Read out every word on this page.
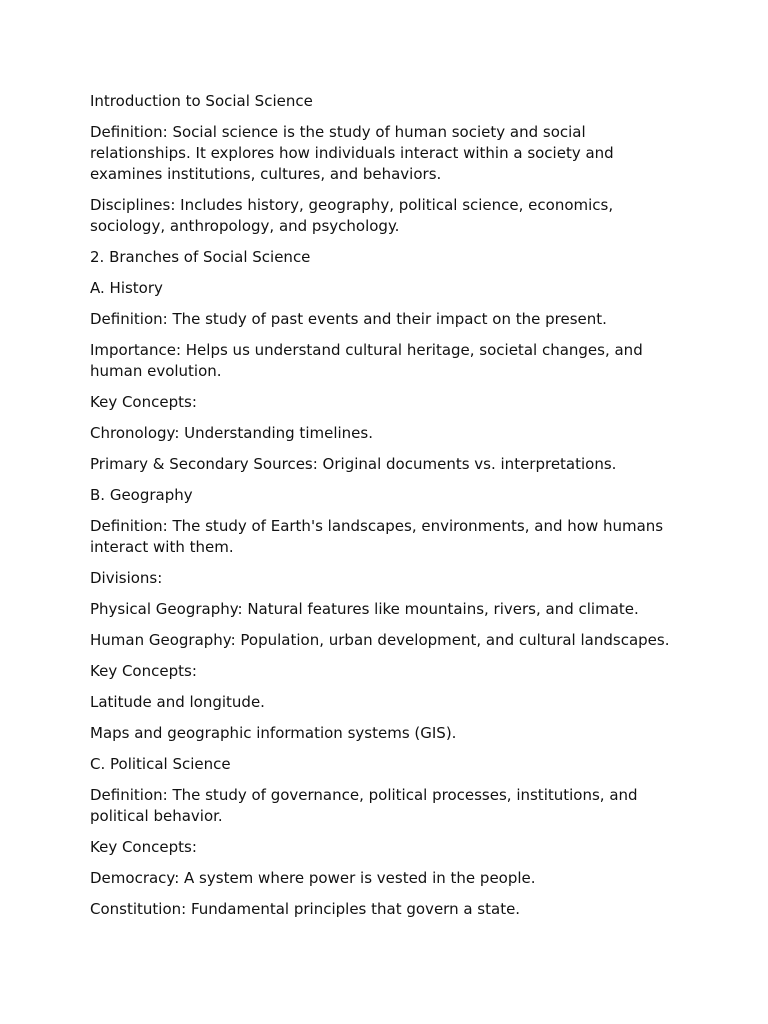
Introduction to Social Science

Definition: Social science is the study of human society and social relationships. It explores how individuals interact within a society and examines institutions, cultures, and behaviors.

Disciplines: Includes history, geography, political science, economics, sociology, anthropology, and psychology.

2. Branches of Social Science

A. History

Definition: The study of past events and their impact on the present.

Importance: Helps us understand cultural heritage, societal changes, and human evolution.

Key Concepts:

Chronology: Understanding timelines.

Primary & Secondary Sources: Original documents vs. interpretations.

B. Geography

Definition: The study of Earth's landscapes, environments, and how humans interact with them.

Divisions:

Physical Geography: Natural features like mountains, rivers, and climate.

Human Geography: Population, urban development, and cultural landscapes.

Key Concepts:

Latitude and longitude.

Maps and geographic information systems (GIS).

C. Political Science

Definition: The study of governance, political processes, institutions, and political behavior.

Key Concepts:

Democracy: A system where power is vested in the people.

Constitution: Fundamental principles that govern a state.
